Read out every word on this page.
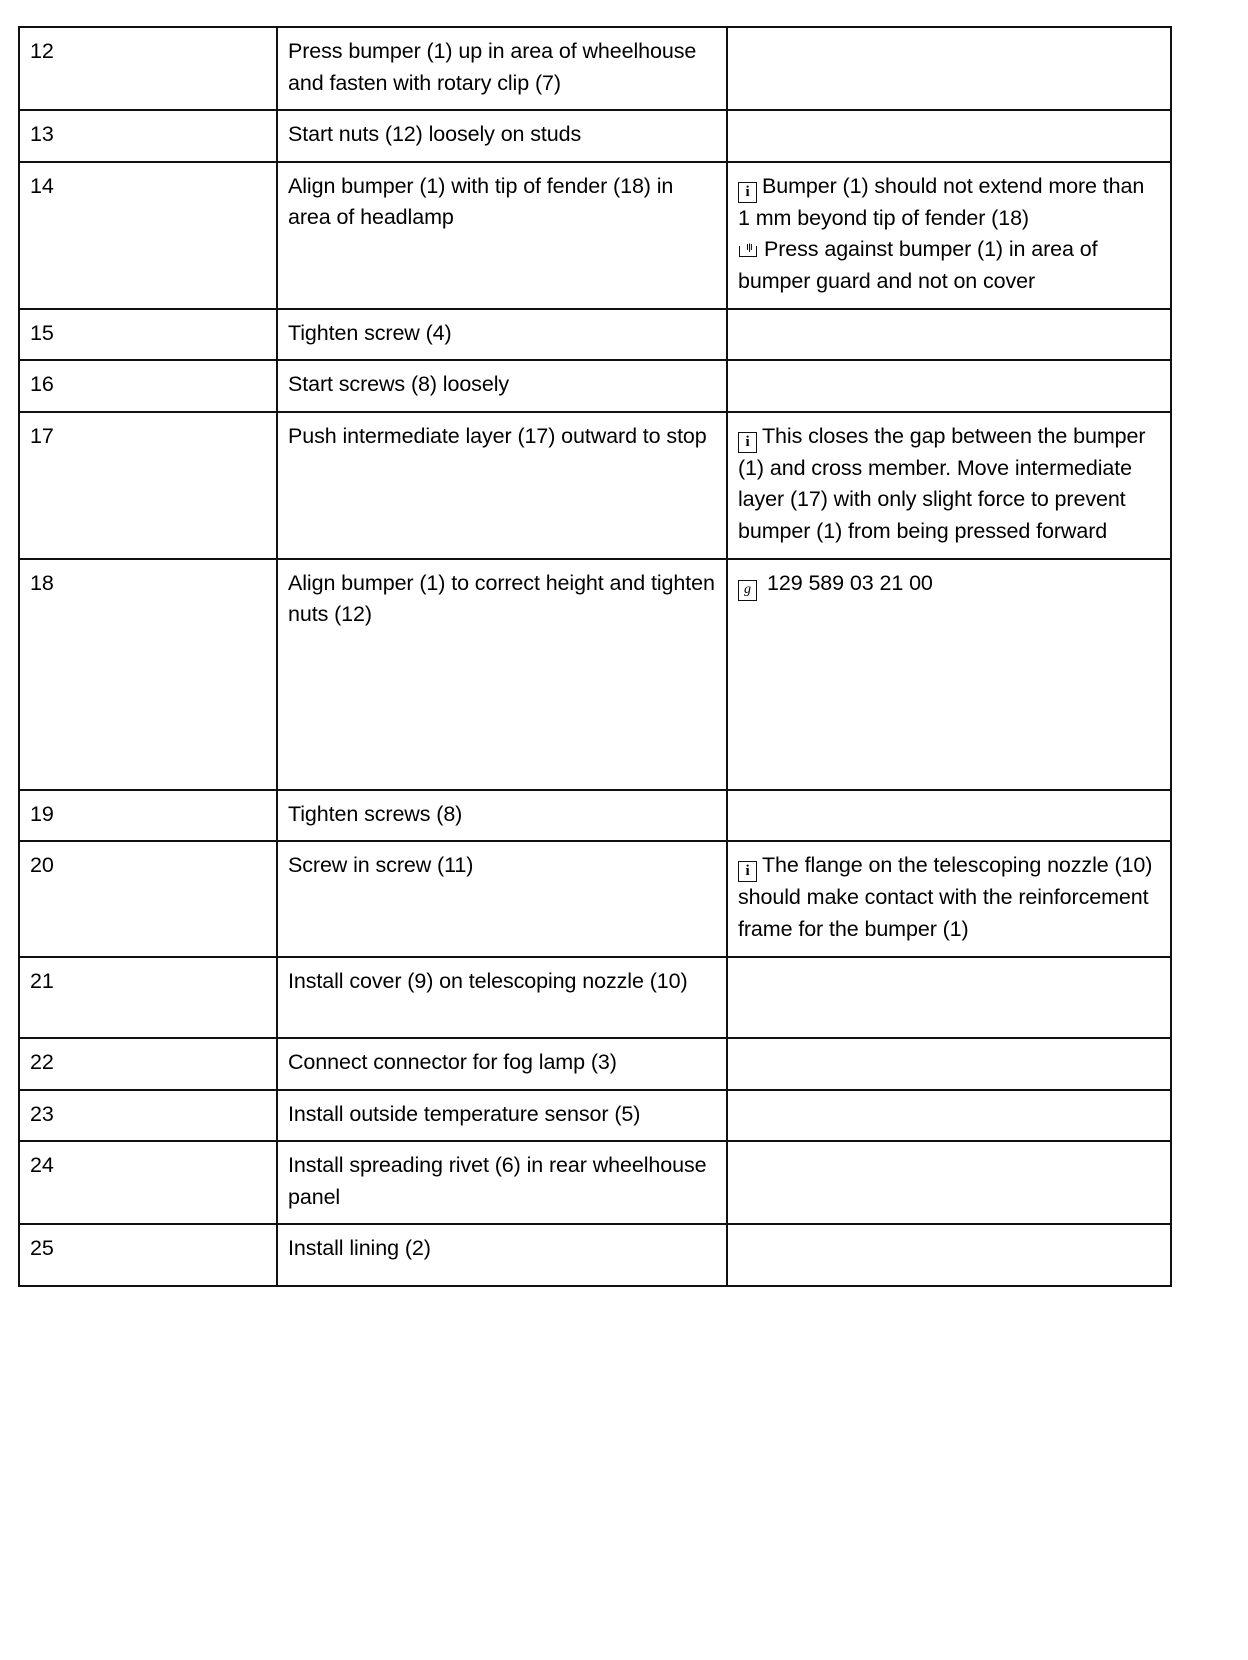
12	Press bumper (1) up in area of wheelhouse and fasten with rotary clip (7)	
13	Start nuts (12) loosely on studs	
14	Align bumper (1) with tip of fender (18) in area of headlamp	i Bumper (1) should not extend more than 1 mm beyond tip of fender (18)
ıןı Press against bumper (1) in area of bumper guard and not on cover

15	Tighten screw (4)	
16	Start screws (8) loosely	
17	Push intermediate layer (17) outward to stop	i This closes the gap between the bumper (1) and cross member. Move intermediate layer (17) with only slight force to prevent bumper (1) from being pressed forward

18	Align bumper (1) to correct height and tighten nuts (12)	g 129 589 03 21 00

19	Tighten screws (8)	
20	Screw in screw (11)	i The flange on the telescoping nozzle (10) should make contact with the reinforcement frame for the bumper (1)

21	Install cover (9) on telescoping nozzle (10)

22	Connect connector for fog lamp (3)	
23	Install outside temperature sensor (5)	
24	Install spreading rivet (6) in rear wheelhouse panel	
25	Install lining (2)
